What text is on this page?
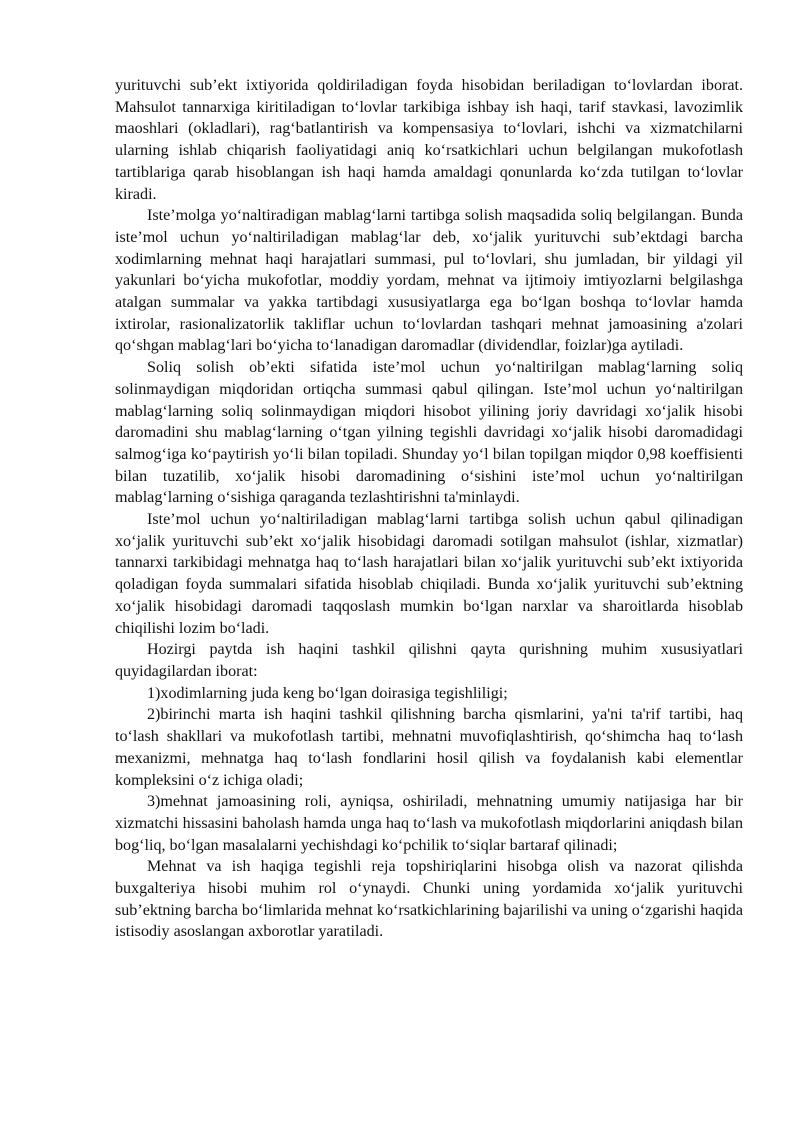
yurituvchi sub’ekt ixtiyorida qoldiriladigan foyda hisobidan beriladigan to‘lovlardan iborat. Mahsulot tannarxiga kiritiladigan to‘lovlar tarkibiga ishbay ish haqi, tarif stavkasi, lavozimlik maoshlari (okladlari), rag‘batlantirish va kompensasiya to‘lovlari, ishchi va xizmatchilarni ularning ishlab chiqarish faoliyatidagi aniq ko‘rsatkichlari uchun belgilangan mukofotlash tartiblariga qarab hisoblangan ish haqi hamda amaldagi qonunlarda ko‘zda tutilgan to‘lovlar kiradi.

Iste’molga yo‘naltiradigan mablag‘larni tartibga solish maqsadida soliq belgilangan. Bunda iste’mol uchun yo‘naltiriladigan mablag‘lar deb, xo‘jalik yurituvchi sub’ektdagi barcha xodimlarning mehnat haqi harajatlari summasi, pul to‘lovlari, shu jumladan, bir yildagi yil yakunlari bo‘yicha mukofotlar, moddiy yordam, mehnat va ijtimoiy imtiyozlarni belgilashga atalgan summalar va yakka tartibdagi xususiyatlarga ega bo‘lgan boshqa to‘lovlar hamda ixtirolar, rasionalizatorlik takliflar uchun to‘lovlardan tashqari mehnat jamoasining a'zolari qo‘shgan mablag‘lari bo‘yicha to‘lanadigan daromadlar (dividendlar, foizlar)ga aytiladi.

Soliq solish ob’ekti sifatida iste’mol uchun yo‘naltirilgan mablag‘larning soliq solinmaydigan miqdoridan ortiqcha summasi qabul qilingan. Iste’mol uchun yo‘naltirilgan mablag‘larning soliq solinmaydigan miqdori hisobot yilining joriy davridagi xo‘jalik hisobi daromadini shu mablag‘larning o‘tgan yilning tegishli davridagi xo‘jalik hisobi daromadidagi salmog‘iga ko‘paytirish yo‘li bilan topiladi. Shunday yo‘l bilan topilgan miqdor 0,98 koeffisienti bilan tuzatilib, xo‘jalik hisobi daromadining o‘sishini iste’mol uchun yo‘naltirilgan mablag‘larning o‘sishiga qaraganda tezlashtirishni ta'minlaydi.

Iste’mol uchun yo‘naltiriladigan mablag‘larni tartibga solish uchun qabul qilinadigan xo‘jalik yurituvchi sub’ekt xo‘jalik hisobidagi daromadi sotilgan mahsulot (ishlar, xizmatlar) tannarxi tarkibidagi mehnatga haq to‘lash harajatlari bilan xo‘jalik yurituvchi sub’ekt ixtiyorida qoladigan foyda summalari sifatida hisoblab chiqiladi. Bunda xo‘jalik yurituvchi sub’ektning xo‘jalik hisobidagi daromadi taqqoslash mumkin bo‘lgan narxlar va sharoitlarda hisoblab chiqilishi lozim bo‘ladi.

Hozirgi paytda ish haqini tashkil qilishni qayta qurishning muhim xususiyatlari quyidagilardan iborat:

1)xodimlarning juda keng bo‘lgan doirasiga tegishliligi;

2)birinchi marta ish haqini tashkil qilishning barcha qismlarini, ya'ni ta'rif tartibi, haq to‘lash shakllari va mukofotlash tartibi, mehnatni muvofiqlashtirish, qo‘shimcha haq to‘lash mexanizmi, mehnatga haq to‘lash fondlarini hosil qilish va foydalanish kabi elementlar kompleksini o‘z ichiga oladi;

3)mehnat jamoasining roli, ayniqsa, oshiriladi, mehnatning umumiy natijasiga har bir xizmatchi hissasini baholash hamda unga haq to‘lash va mukofotlash miqdorlarini aniqdash bilan bog‘liq, bo‘lgan masalalarni yechishdagi ko‘pchilik to‘siqlar bartaraf qilinadi;

Mehnat va ish haqiga tegishli reja topshiriqlarini hisobga olish va nazorat qilishda buxgalteriya hisobi muhim rol o‘ynaydi. Chunki uning yordamida xo‘jalik yurituvchi sub’ektning barcha bo‘limlarida mehnat ko‘rsatkichlarining bajarilishi va uning o‘zgarishi haqida istisodiy asoslangan axborotlar yaratiladi.
